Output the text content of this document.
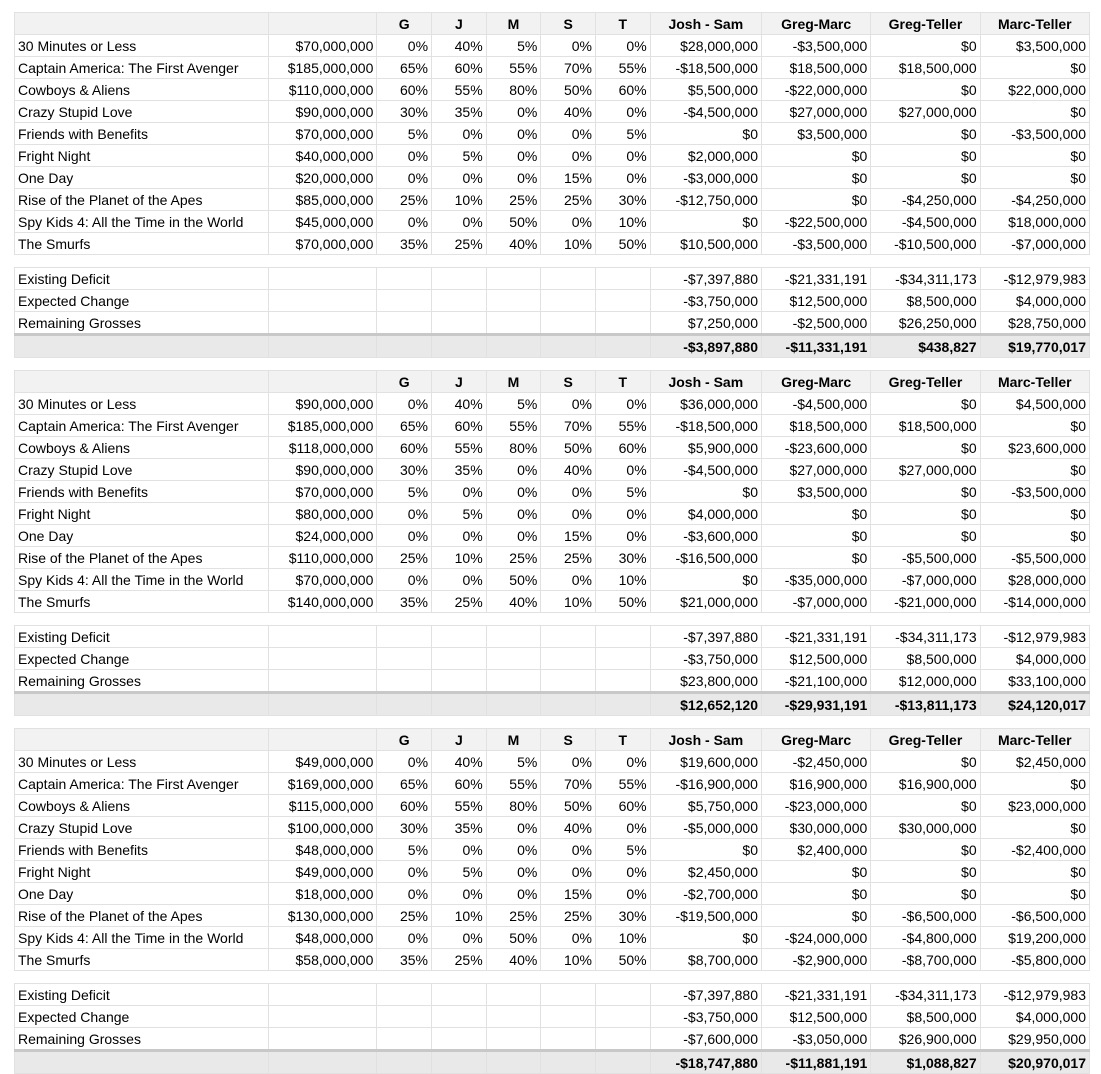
		G	J	M	S	T	Josh - Sam	Greg-Marc	Greg-Teller	Marc-Teller
30 Minutes or Less	$70,000,000	0%	40%	5%	0%	0%	$28,000,000	-$3,500,000	$0	$3,500,000
Captain America: The First Avenger	$185,000,000	65%	60%	55%	70%	55%	-$18,500,000	$18,500,000	$18,500,000	$0
Cowboys & Aliens	$110,000,000	60%	55%	80%	50%	60%	$5,500,000	-$22,000,000	$0	$22,000,000
Crazy Stupid Love	$90,000,000	30%	35%	0%	40%	0%	-$4,500,000	$27,000,000	$27,000,000	$0
Friends with Benefits	$70,000,000	5%	0%	0%	0%	5%	$0	$3,500,000	$0	-$3,500,000
Fright Night	$40,000,000	0%	5%	0%	0%	0%	$2,000,000	$0	$0	$0
One Day	$20,000,000	0%	0%	0%	15%	0%	-$3,000,000	$0	$0	$0
Rise of the Planet of the Apes	$85,000,000	25%	10%	25%	25%	30%	-$12,750,000	$0	-$4,250,000	-$4,250,000
Spy Kids 4: All the Time in the World	$45,000,000	0%	0%	50%	0%	10%	$0	-$22,500,000	-$4,500,000	$18,000,000
The Smurfs	$70,000,000	35%	25%	40%	10%	50%	$10,500,000	-$3,500,000	-$10,500,000	-$7,000,000

Existing Deficit							-$7,397,880	-$21,331,191	-$34,311,173	-$12,979,983
Expected Change							-$3,750,000	$12,500,000	$8,500,000	$4,000,000
Remaining Grosses							$7,250,000	-$2,500,000	$26,250,000	$28,750,000
							-$3,897,880	-$11,331,191	$438,827	$19,770,017
		G	J	M	S	T	Josh - Sam	Greg-Marc	Greg-Teller	Marc-Teller
30 Minutes or Less	$90,000,000	0%	40%	5%	0%	0%	$36,000,000	-$4,500,000	$0	$4,500,000
Captain America: The First Avenger	$185,000,000	65%	60%	55%	70%	55%	-$18,500,000	$18,500,000	$18,500,000	$0
Cowboys & Aliens	$118,000,000	60%	55%	80%	50%	60%	$5,900,000	-$23,600,000	$0	$23,600,000
Crazy Stupid Love	$90,000,000	30%	35%	0%	40%	0%	-$4,500,000	$27,000,000	$27,000,000	$0
Friends with Benefits	$70,000,000	5%	0%	0%	0%	5%	$0	$3,500,000	$0	-$3,500,000
Fright Night	$80,000,000	0%	5%	0%	0%	0%	$4,000,000	$0	$0	$0
One Day	$24,000,000	0%	0%	0%	15%	0%	-$3,600,000	$0	$0	$0
Rise of the Planet of the Apes	$110,000,000	25%	10%	25%	25%	30%	-$16,500,000	$0	-$5,500,000	-$5,500,000
Spy Kids 4: All the Time in the World	$70,000,000	0%	0%	50%	0%	10%	$0	-$35,000,000	-$7,000,000	$28,000,000
The Smurfs	$140,000,000	35%	25%	40%	10%	50%	$21,000,000	-$7,000,000	-$21,000,000	-$14,000,000

Existing Deficit							-$7,397,880	-$21,331,191	-$34,311,173	-$12,979,983
Expected Change							-$3,750,000	$12,500,000	$8,500,000	$4,000,000
Remaining Grosses							$23,800,000	-$21,100,000	$12,000,000	$33,100,000
							$12,652,120	-$29,931,191	-$13,811,173	$24,120,017
		G	J	M	S	T	Josh - Sam	Greg-Marc	Greg-Teller	Marc-Teller
30 Minutes or Less	$49,000,000	0%	40%	5%	0%	0%	$19,600,000	-$2,450,000	$0	$2,450,000
Captain America: The First Avenger	$169,000,000	65%	60%	55%	70%	55%	-$16,900,000	$16,900,000	$16,900,000	$0
Cowboys & Aliens	$115,000,000	60%	55%	80%	50%	60%	$5,750,000	-$23,000,000	$0	$23,000,000
Crazy Stupid Love	$100,000,000	30%	35%	0%	40%	0%	-$5,000,000	$30,000,000	$30,000,000	$0
Friends with Benefits	$48,000,000	5%	0%	0%	0%	5%	$0	$2,400,000	$0	-$2,400,000
Fright Night	$49,000,000	0%	5%	0%	0%	0%	$2,450,000	$0	$0	$0
One Day	$18,000,000	0%	0%	0%	15%	0%	-$2,700,000	$0	$0	$0
Rise of the Planet of the Apes	$130,000,000	25%	10%	25%	25%	30%	-$19,500,000	$0	-$6,500,000	-$6,500,000
Spy Kids 4: All the Time in the World	$48,000,000	0%	0%	50%	0%	10%	$0	-$24,000,000	-$4,800,000	$19,200,000
The Smurfs	$58,000,000	35%	25%	40%	10%	50%	$8,700,000	-$2,900,000	-$8,700,000	-$5,800,000

Existing Deficit							-$7,397,880	-$21,331,191	-$34,311,173	-$12,979,983
Expected Change							-$3,750,000	$12,500,000	$8,500,000	$4,000,000
Remaining Grosses							-$7,600,000	-$3,050,000	$26,900,000	$29,950,000
							-$18,747,880	-$11,881,191	$1,088,827	$20,970,017
